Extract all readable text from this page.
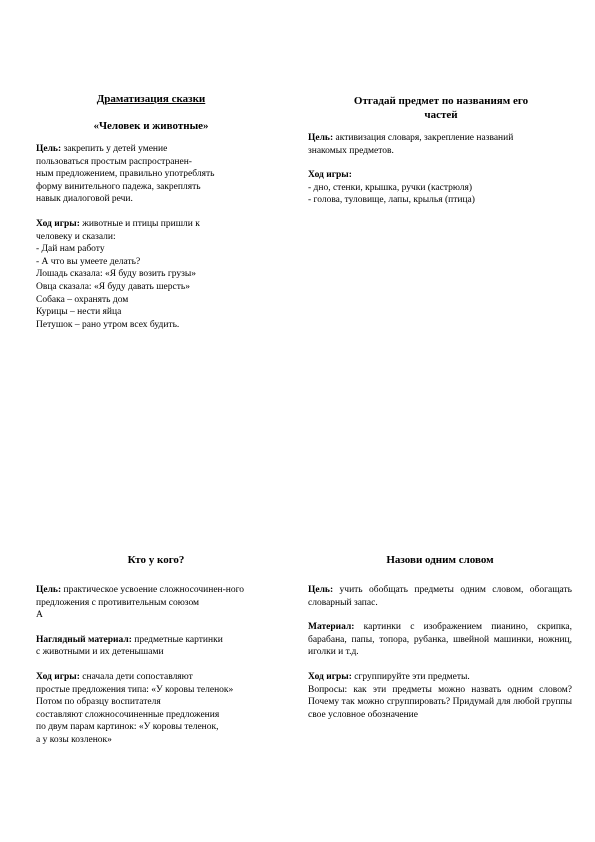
Драматизация сказки
«Человек и животные»
Цель: закрепить у детей умение
пользоваться простым распространен-
ным предложением, правильно употреблять
форму винительного падежа, закреплять
навык диалоговой речи.
Ход игры: животные и птицы пришли к
человеку и сказали:
- Дай нам работу
- А что вы умеете делать?
Лошадь сказала: «Я буду возить грузы»
Овца сказала: «Я буду давать шерсть»
Собака – охранять дом
Курицы – нести яйца
Петушок – рано утром всех будить.
Отгадай предмет по названиям его
частей
Цель: активизация словаря, закрепление названий
знакомых предметов.
Ход игры:
- дно, стенки, крышка, ручки (кастрюля)
- голова, туловище, лапы, крылья (птица)
Кто у кого?
Цель: практическое усвоение сложносочинен-ного
предложения с противительным союзом
А
Наглядный материал: предметные картинки
с животными и их детенышами
Ход игры: сначала дети сопоставляют
простые предложения типа: «У коровы теленок»
Потом по образцу воспитателя
составляют сложносочиненные предложения
по двум парам картинок: «У коровы теленок,
а у козы козленок»
Назови одним словом
Цель: учить обобщать предметы одним словом, обогащать словарный запас.
Материал: картинки с изображением пианино, скрипка, барабана, папы, топора, рубанка, швейной машинки, ножниц, иголки и т.д.
Ход игры: сгруппируйте эти предметы.
Вопросы: как эти предметы можно назвать одним словом? Почему так можно сгруппировать? Придумай для любой группы свое условное обозначение
